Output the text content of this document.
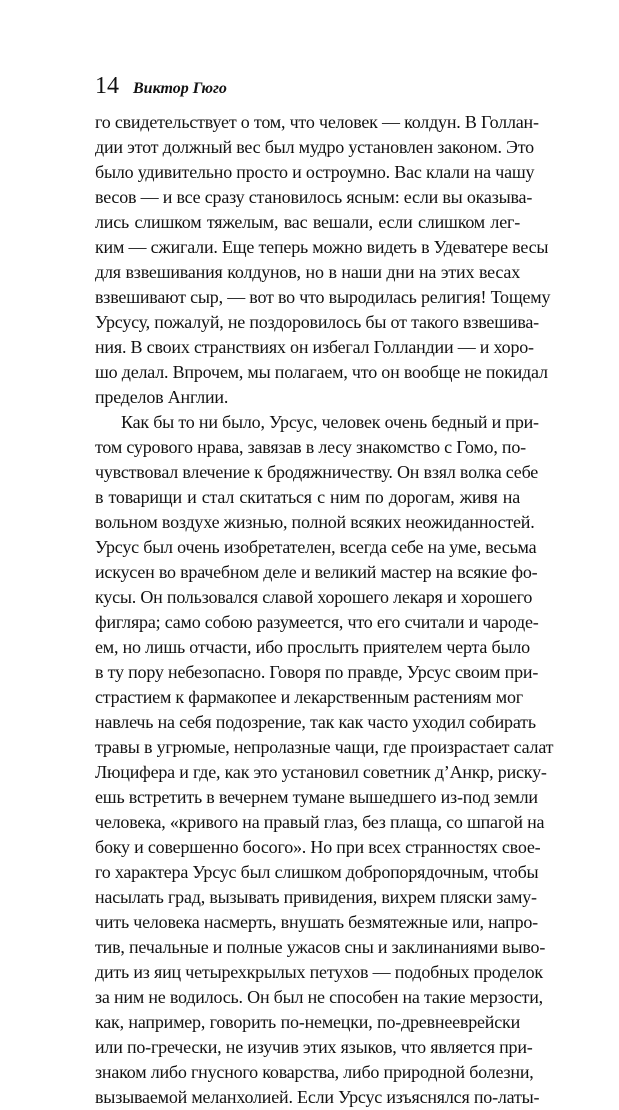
14 Виктор Гюго
го свидетельствует о том, что человек — колдун. В Голлан-
дии этот должный вес был мудро установлен законом. Это
было удивительно просто и остроумно. Вас клали на чашу
весов — и все сразу становилось ясным: если вы оказыва-
лись слишком тяжелым, вас вешали, если слишком лег-
ким — сжигали. Еще теперь можно видеть в Удеватере весы
для взвешивания колдунов, но в наши дни на этих весах
взвешивают сыр, — вот во что выродилась религия! Тощему
Урсусу, пожалуй, не поздоровилось бы от такого взвешива-
ния. В своих странствиях он избегал Голландии — и хоро-
шо делал. Впрочем, мы полагаем, что он вообще не покидал
пределов Англии.
Как бы то ни было, Урсус, человек очень бедный и при-
том сурового нрава, завязав в лесу знакомство с Гомо, по-
чувствовал влечение к бродяжничеству. Он взял волка себе
в товарищи и стал скитаться с ним по дорогам, живя на
вольном воздухе жизнью, полной всяких неожиданностей.
Урсус был очень изобретателен, всегда себе на уме, весьма
искусен во врачебном деле и великий мастер на всякие фо-
кусы. Он пользовался славой хорошего лекаря и хорошего
фигляра; само собою разумеется, что его считали и чароде-
ем, но лишь отчасти, ибо прослыть приятелем черта было
в ту пору небезопасно. Говоря по правде, Урсус своим при-
страстием к фармакопее и лекарственным растениям мог
навлечь на себя подозрение, так как часто уходил собирать
травы в угрюмые, непролазные чащи, где произрастает салат
Люцифера и где, как это установил советник д’Анкр, риску-
ешь встретить в вечернем тумане вышедшего из-под земли
человека, «кривого на правый глаз, без плаща, со шпагой на
боку и совершенно босого». Но при всех странностях свое-
го характера Урсус был слишком добропорядочным, чтобы
насылать град, вызывать привидения, вихрем пляски заму-
чить человека насмерть, внушать безмятежные или, напро-
тив, печальные и полные ужасов сны и заклинаниями выво-
дить из яиц четырехкрылых петухов — подобных проделок
за ним не водилось. Он был не способен на такие мерзости,
как, например, говорить по-немецки, по-древнееврейски
или по-гречески, не изучив этих языков, что является при-
знаком либо гнусного коварства, либо природной болезни,
вызываемой меланхолией. Если Урсус изъяснялся по-латы-
